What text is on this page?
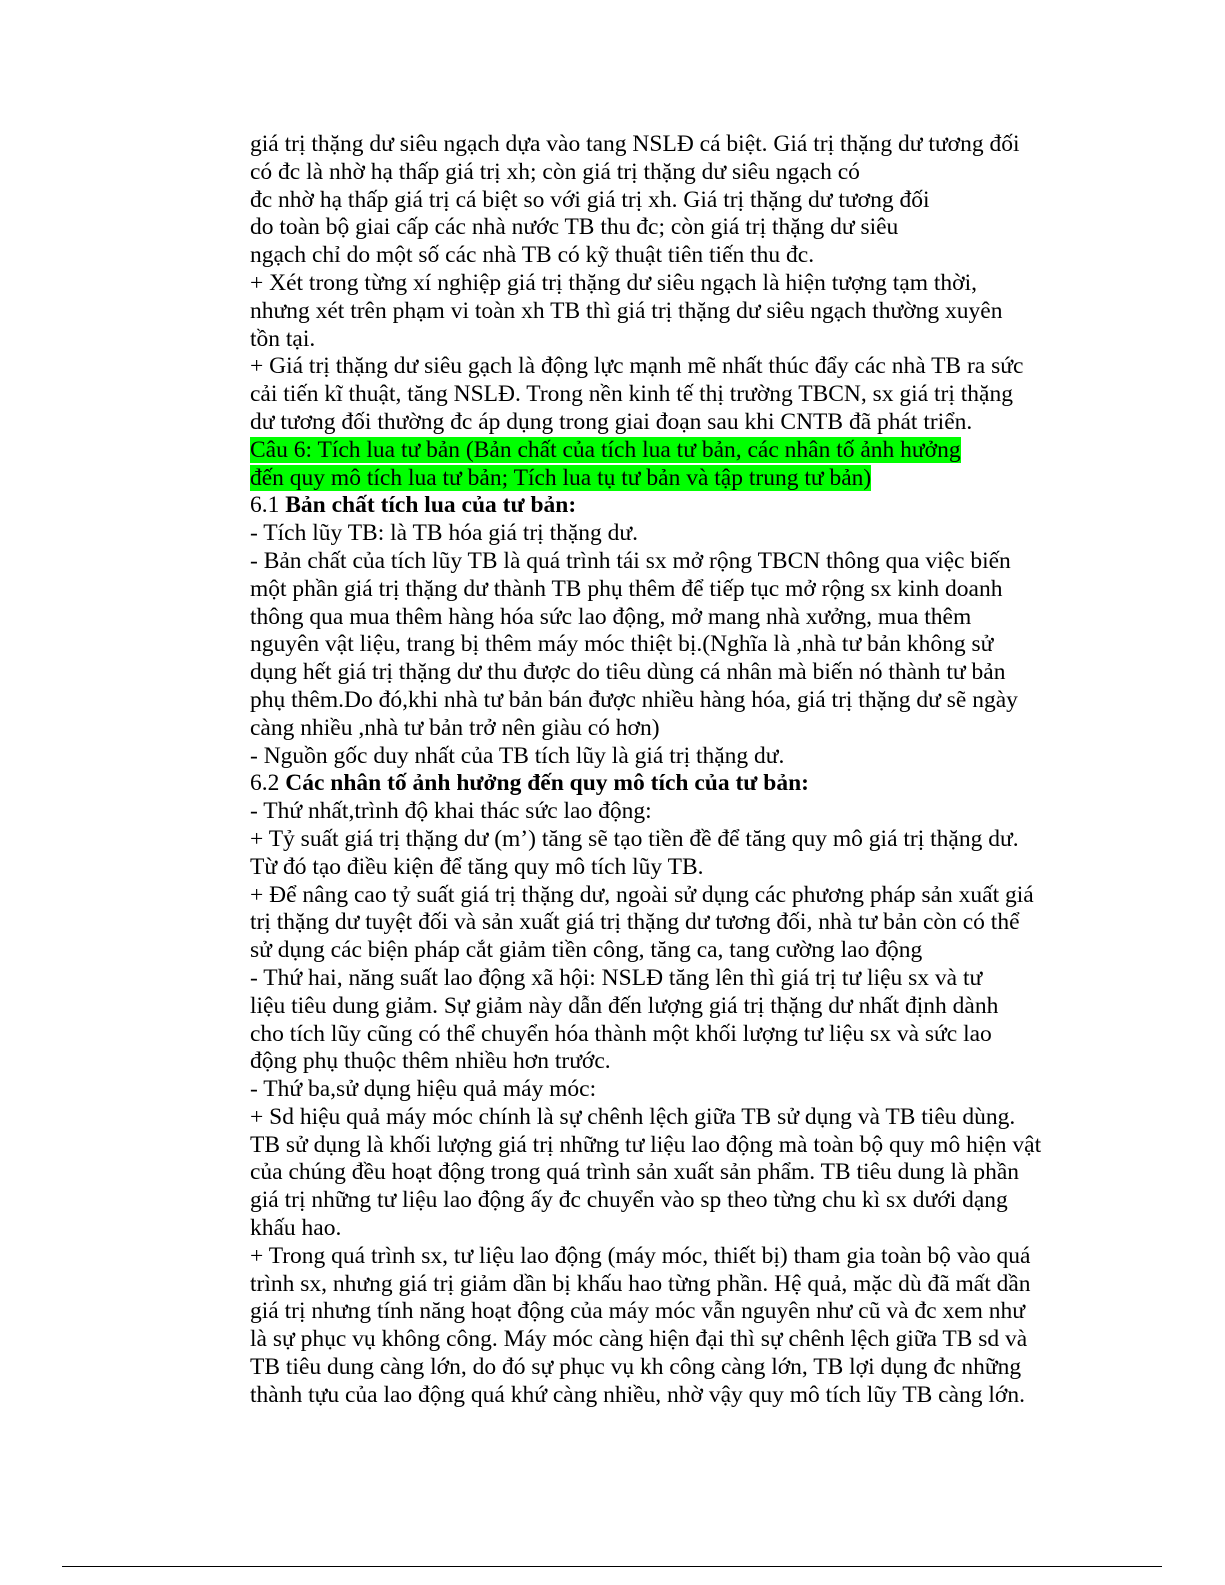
giá trị thặng dư siêu ngạch dựa vào tang NSLĐ cá biệt. Giá trị thặng dư tương đối
có đc là nhờ hạ thấp giá trị xh; còn giá trị thặng dư siêu ngạch có
đc nhờ hạ thấp giá trị cá biệt so với giá trị xh. Giá trị thặng dư tương đối
do toàn bộ giai cấp các nhà nước TB thu đc; còn giá trị thặng dư siêu
ngạch chỉ do một số các nhà TB có kỹ thuật tiên tiến thu đc.
+ Xét trong từng xí nghiệp giá trị thặng dư siêu ngạch là hiện tượng tạm thời,
nhưng xét trên phạm vi toàn xh TB thì giá trị thặng dư siêu ngạch thường xuyên
tồn tại.
+ Giá trị thặng dư siêu gạch là động lực mạnh mẽ nhất thúc đẩy các nhà TB ra sức
cải tiến kĩ thuật, tăng NSLĐ. Trong nền kinh tế thị trường TBCN, sx giá trị thặng
dư tương đối thường đc áp dụng trong giai đoạn sau khi CNTB đã phát triển.
Câu 6: Tích lua tư bản (Bản chất của tích lua tư bản, các nhân tố ảnh hưởng
đến quy mô tích lua tư bản; Tích lua tụ tư bản và tập trung tư bản)
6.1 Bản chất tích lua của tư bản:
- Tích lũy TB: là TB hóa giá trị thặng dư.
- Bản chất của tích lũy TB là quá trình tái sx mở rộng TBCN thông qua việc biến
một phần giá trị thặng dư thành TB phụ thêm để tiếp tục mở rộng sx kinh doanh
thông qua mua thêm hàng hóa sức lao động, mở mang nhà xưởng, mua thêm
nguyên vật liệu, trang bị thêm máy móc thiệt bị.(Nghĩa là ,nhà tư bản không sử
dụng hết giá trị thặng dư thu được do tiêu dùng cá nhân mà biến nó thành tư bản
phụ thêm.Do đó,khi nhà tư bản bán được nhiều hàng hóa, giá trị thặng dư sẽ ngày
càng nhiều ,nhà tư bản trở nên giàu có hơn)
- Nguồn gốc duy nhất của TB tích lũy là giá trị thặng dư.
6.2 Các nhân tố ảnh hưởng đến quy mô tích của tư bản:
- Thứ nhất,trình độ khai thác sức lao động:
+ Tỷ suất giá trị thặng dư (m’) tăng sẽ tạo tiền đề để tăng quy mô giá trị thặng dư.
Từ đó tạo điều kiện để tăng quy mô tích lũy TB.
+ Để nâng cao tỷ suất giá trị thặng dư, ngoài sử dụng các phương pháp sản xuất giá
trị thặng dư tuyệt đối và sản xuất giá trị thặng dư tương đối, nhà tư bản còn có thể
sử dụng các biện pháp cắt giảm tiền công, tăng ca, tang cường lao động
- Thứ hai, năng suất lao động xã hội: NSLĐ tăng lên thì giá trị tư liệu sx và tư
liệu tiêu dung giảm. Sự giảm này dẫn đến lượng giá trị thặng dư nhất định dành
cho tích lũy cũng có thể chuyển hóa thành một khối lượng tư liệu sx và sức lao
động phụ thuộc thêm nhiều hơn trước.
- Thứ ba,sử dụng hiệu quả máy móc:
+ Sd hiệu quả máy móc chính là sự chênh lệch giữa TB sử dụng và TB tiêu dùng.
TB sử dụng là khối lượng giá trị những tư liệu lao động mà toàn bộ quy mô hiện vật
của chúng đều hoạt động trong quá trình sản xuất sản phẩm. TB tiêu dung là phần
giá trị những tư liệu lao động ấy đc chuyển vào sp theo từng chu kì sx dưới dạng
khấu hao.
+ Trong quá trình sx, tư liệu lao động (máy móc, thiết bị) tham gia toàn bộ vào quá
trình sx, nhưng giá trị giảm dần bị khấu hao từng phần. Hệ quả, mặc dù đã mất dần
giá trị nhưng tính năng hoạt động của máy móc vẫn nguyên như cũ và đc xem như
là sự phục vụ không công. Máy móc càng hiện đại thì sự chênh lệch giữa TB sd và
TB tiêu dung càng lớn, do đó sự phục vụ kh công càng lớn, TB lợi dụng đc những
thành tựu của lao động quá khứ càng nhiều, nhờ vậy quy mô tích lũy TB càng lớn.
